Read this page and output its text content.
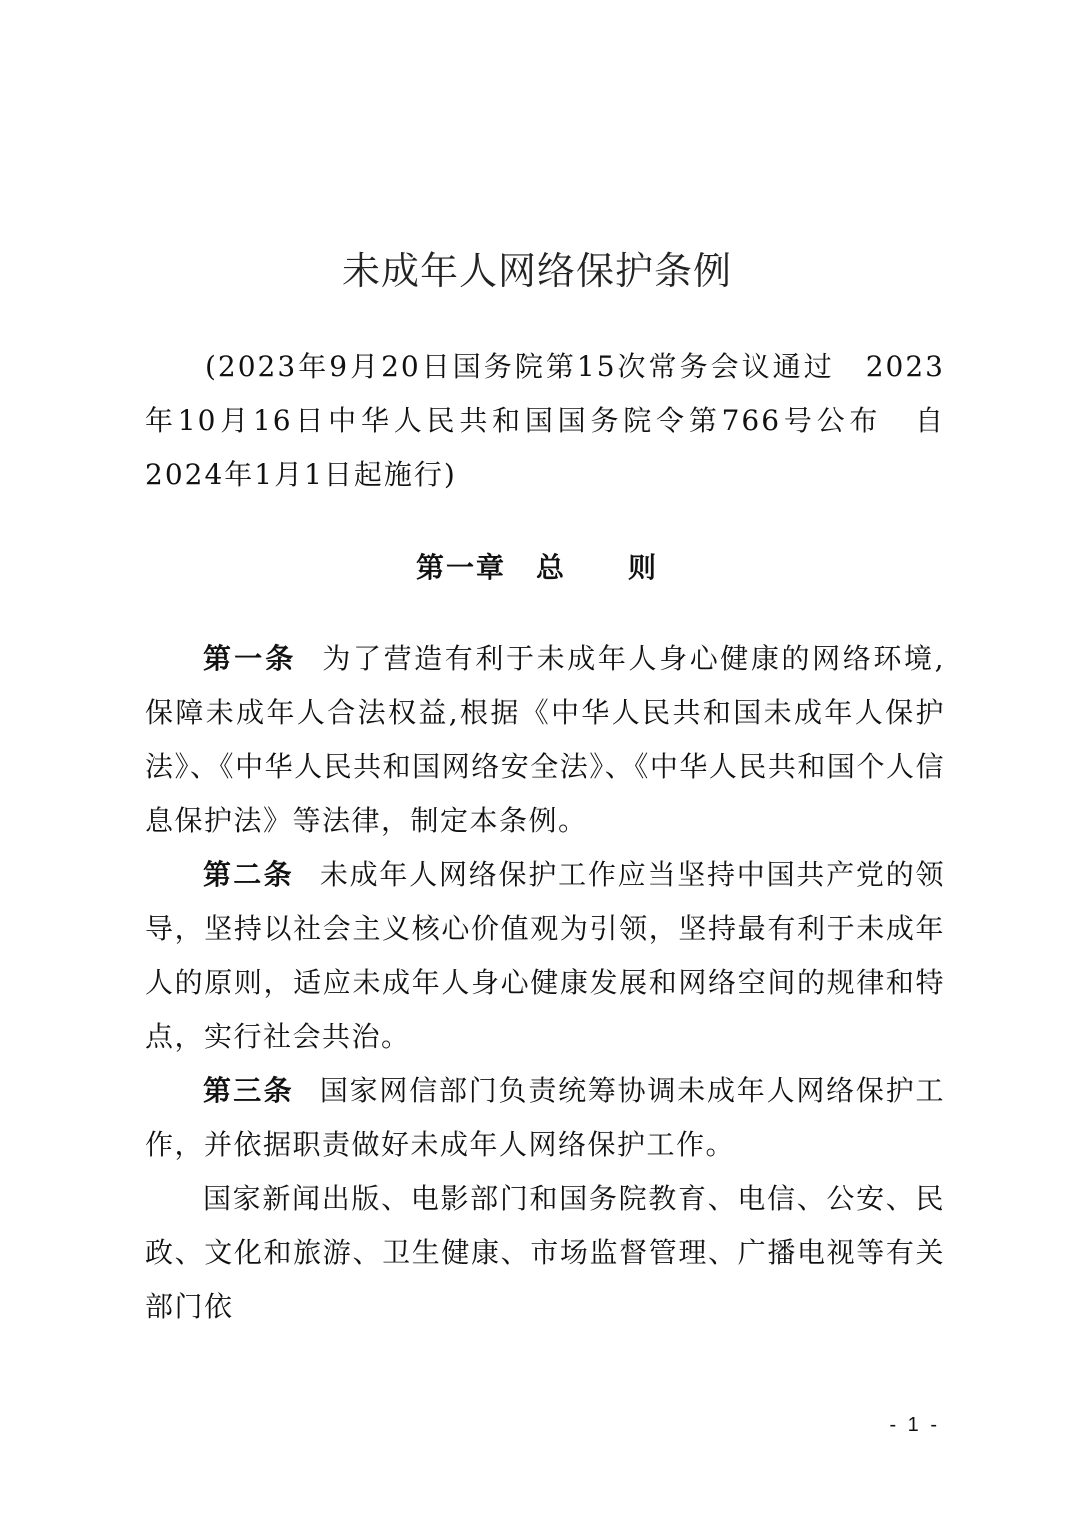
未成年人网络保护条例
(2023年9月20日国务院第15次常务会议通过　2023年10月16日中华人民共和国国务院令第766号公布　自2024年1月1日起施行)
第一章 总 则

第一条 为了营造有利于未成年人身心健康的网络环境,保障未成年人合法权益,根据《中华人民共和国未成年人保护法》、《中华人民共和国网络安全法》、《中华人民共和国个人信息保护法》等法律，制定本条例。

第二条 未成年人网络保护工作应当坚持中国共产党的领导，坚持以社会主义核心价值观为引领，坚持最有利于未成年人的原则，适应未成年人身心健康发展和网络空间的规律和特点，实行社会共治。

第三条 国家网信部门负责统筹协调未成年人网络保护工作，并依据职责做好未成年人网络保护工作。

国家新闻出版、电影部门和国务院教育、电信、公安、民政、文化和旅游、卫生健康、市场监督管理、广播电视等有关部门依

- 1 -
